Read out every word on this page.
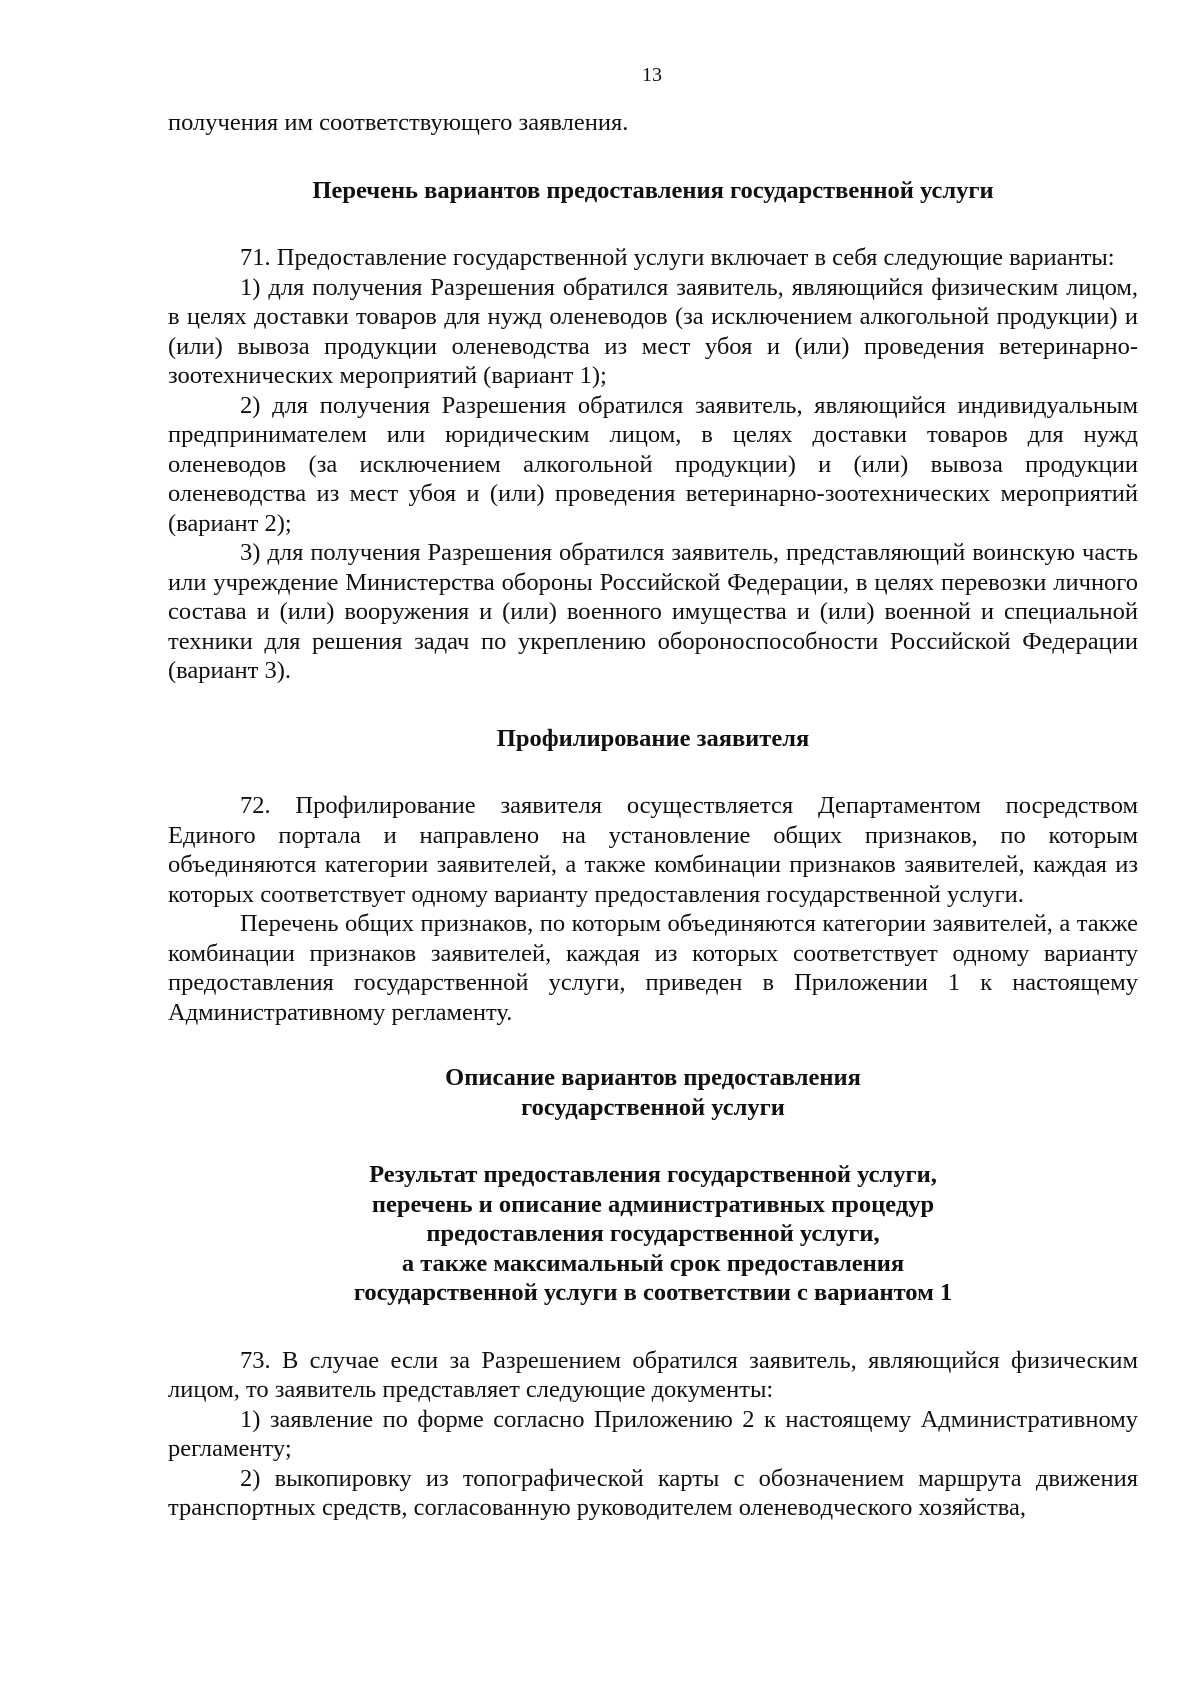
13

получения им соответствующего заявления.

Перечень вариантов предоставления государственной услуги

71. Предоставление государственной услуги включает в себя следующие варианты:

1) для получения Разрешения обратился заявитель, являющийся физическим лицом, в целях доставки товаров для нужд оленеводов (за исключением алкогольной продукции) и (или) вывоза продукции оленеводства из мест убоя и (или) проведения ветеринарно-зоотехнических мероприятий (вариант 1);

2) для получения Разрешения обратился заявитель, являющийся индивидуальным предпринимателем или юридическим лицом, в целях доставки товаров для нужд оленеводов (за исключением алкогольной продукции) и (или) вывоза продукции оленеводства из мест убоя и (или) проведения ветеринарно-зоотехнических мероприятий (вариант 2);

3) для получения Разрешения обратился заявитель, представляющий воинскую часть или учреждение Министерства обороны Российской Федерации, в целях перевозки личного состава и (или) вооружения и (или) военного имущества и (или) военной и специальной техники для решения задач по укреплению обороноспособности Российской Федерации (вариант 3).

Профилирование заявителя

72. Профилирование заявителя осуществляется Департаментом посредством Единого портала и направлено на установление общих признаков, по которым объединяются категории заявителей, а также комбинации признаков заявителей, каждая из которых соответствует одному варианту предоставления государственной услуги.

Перечень общих признаков, по которым объединяются категории заявителей, а также комбинации признаков заявителей, каждая из которых соответствует одному варианту предоставления государственной услуги, приведен в Приложении 1 к настоящему Административному регламенту.

Описание вариантов предоставления
государственной услуги
Результат предоставления государственной услуги,
перечень и описание административных процедур
предоставления государственной услуги,
а также максимальный срок предоставления
государственной услуги в соответствии с вариантом 1

73. В случае если за Разрешением обратился заявитель, являющийся физическим лицом, то заявитель представляет следующие документы:

1) заявление по форме согласно Приложению 2 к настоящему Административному регламенту;

2) выкопировку из топографической карты с обозначением маршрута движения транспортных средств, согласованную руководителем оленеводческого хозяйства,
